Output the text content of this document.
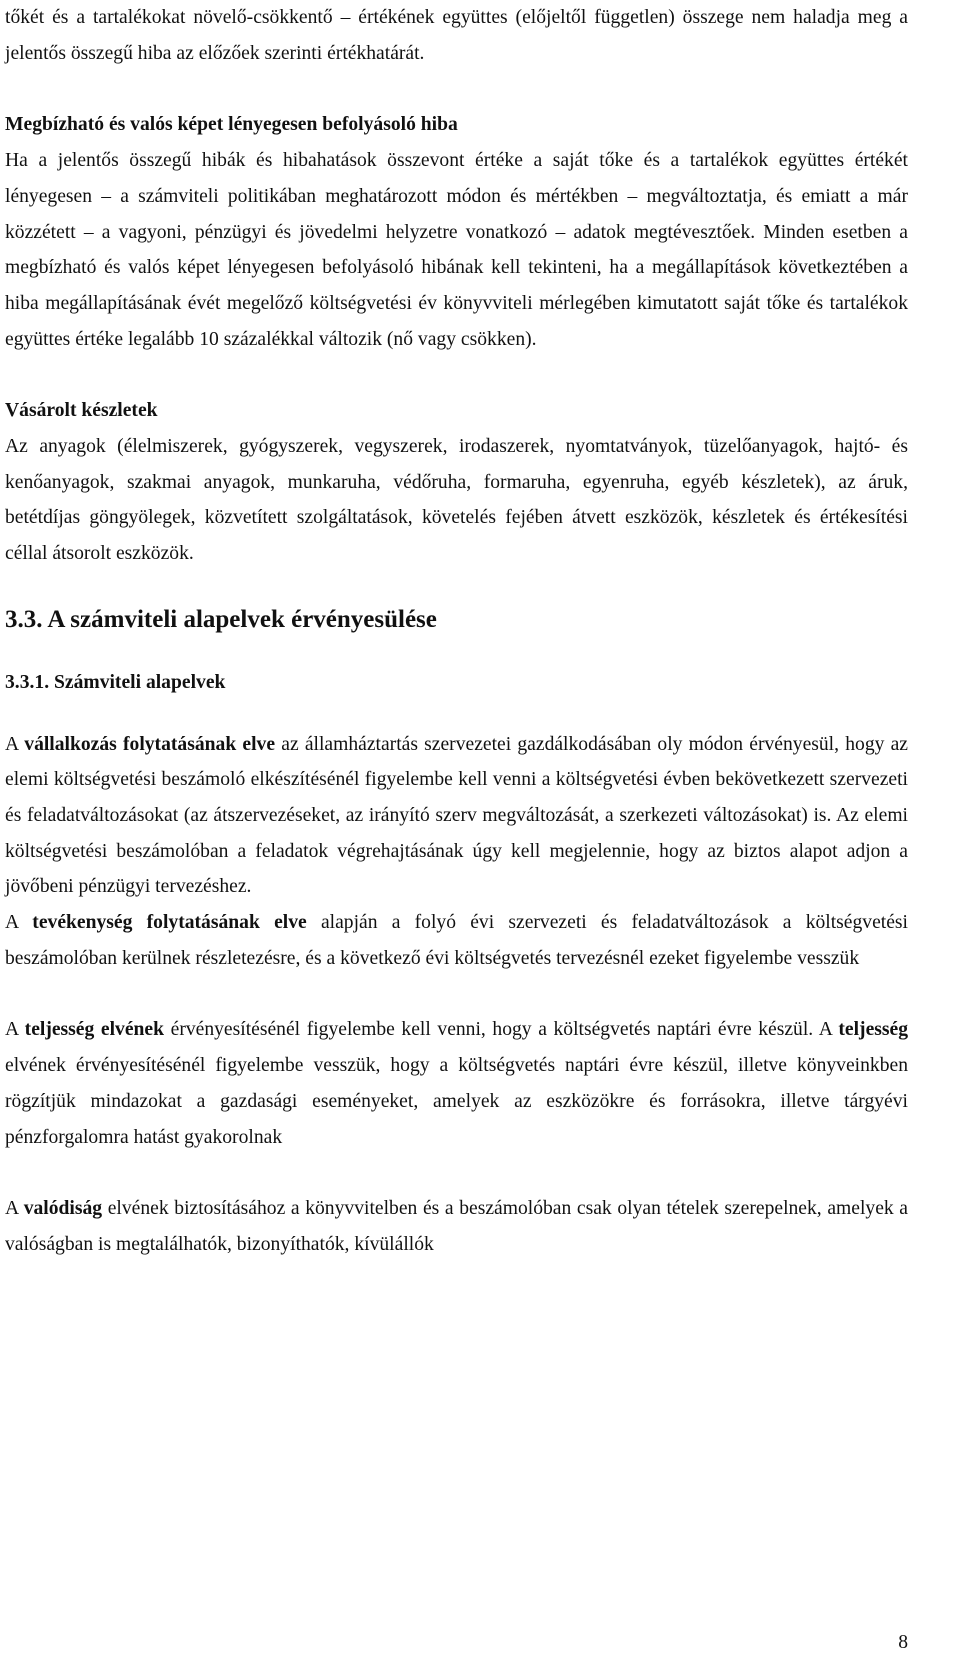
tőkét és a tartalékokat növelő-csökkentő – értékének együttes (előjeltől független) összege nem haladja meg a jelentős összegű hiba az előzőek szerinti értékhatárát.

Megbízható és valós képet lényegesen befolyásoló hiba

Ha a jelentős összegű hibák és hibahatások összevont értéke a saját tőke és a tartalékok együttes értékét lényegesen – a számviteli politikában meghatározott módon és mértékben – megváltoztatja, és emiatt a már közzétett – a vagyoni, pénzügyi és jövedelmi helyzetre vonatkozó – adatok megtévesztőek. Minden esetben a megbízható és valós képet lényegesen befolyásoló hibának kell tekinteni, ha a megállapítások következtében a hiba megállapításának évét megelőző költségvetési év könyvviteli mérlegében kimutatott saját tőke és tartalékok együttes értéke legalább 10 százalékkal változik (nő vagy csökken).

Vásárolt készletek

Az anyagok (élelmiszerek, gyógyszerek, vegyszerek, irodaszerek, nyomtatványok, tüzelőanyagok, hajtó- és kenőanyagok, szakmai anyagok, munkaruha, védőruha, formaruha, egyenruha, egyéb készletek), az áruk, betétdíjas göngyölegek, közvetített szolgáltatások, követelés fejében átvett eszközök, készletek és értékesítési céllal átsorolt eszközök.

3.3. A számviteli alapelvek érvényesülése

3.3.1. Számviteli alapelvek

A vállalkozás folytatásának elve az államháztartás szervezetei gazdálkodásában oly módon érvényesül, hogy az elemi költségvetési beszámoló elkészítésénél figyelembe kell venni a költségvetési évben bekövetkezett szervezeti és feladatváltozásokat (az átszervezéseket, az irányító szerv megváltozását, a szerkezeti változásokat) is. Az elemi költségvetési beszámolóban a feladatok végrehajtásának úgy kell megjelennie, hogy az biztos alapot adjon a jövőbeni pénzügyi tervezéshez.

A tevékenység folytatásának elve alapján a folyó évi szervezeti és feladatváltozások a költségvetési beszámolóban kerülnek részletezésre, és a következő évi költségvetés tervezésnél ezeket figyelembe vesszük

A teljesség elvének érvényesítésénél figyelembe kell venni, hogy a költségvetés naptári évre készül. A teljesség elvének érvényesítésénél figyelembe vesszük, hogy a költségvetés naptári évre készül, illetve könyveinkben rögzítjük mindazokat a gazdasági eseményeket, amelyek az eszközökre és forrásokra, illetve tárgyévi pénzforgalomra hatást gyakorolnak

A valódiság elvének biztosításához a könyvvitelben és a beszámolóban csak olyan tételek szerepelnek, amelyek a valóságban is megtalálhatók, bizonyíthatók, kívülállók

8
